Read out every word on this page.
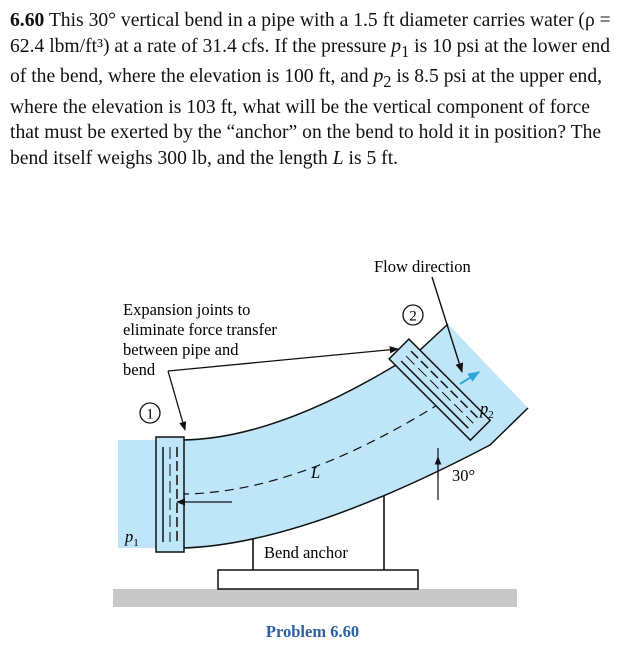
6.60 This 30° vertical bend in a pipe with a 1.5 ft diameter carries water (ρ = 62.4 lbm/ft³) at a rate of 31.4 cfs. If the pressure $p_1$ is 10 psi at the lower end of the bend, where the elevation is 100 ft, and $p_2$ is 8.5 psi at the upper end, where the elevation is 103 ft, what will be the vertical component of force that must be exerted by the “anchor” on the bend to hold it in position? The bend itself weighs 300 lb, and the length L is 5 ft.
1
2
Flow direction
Expansion joints to
eliminate force transfer
between pipe and
bend
L
$p_1$
$p_2$
30°
Bend anchor
Problem 6.60
